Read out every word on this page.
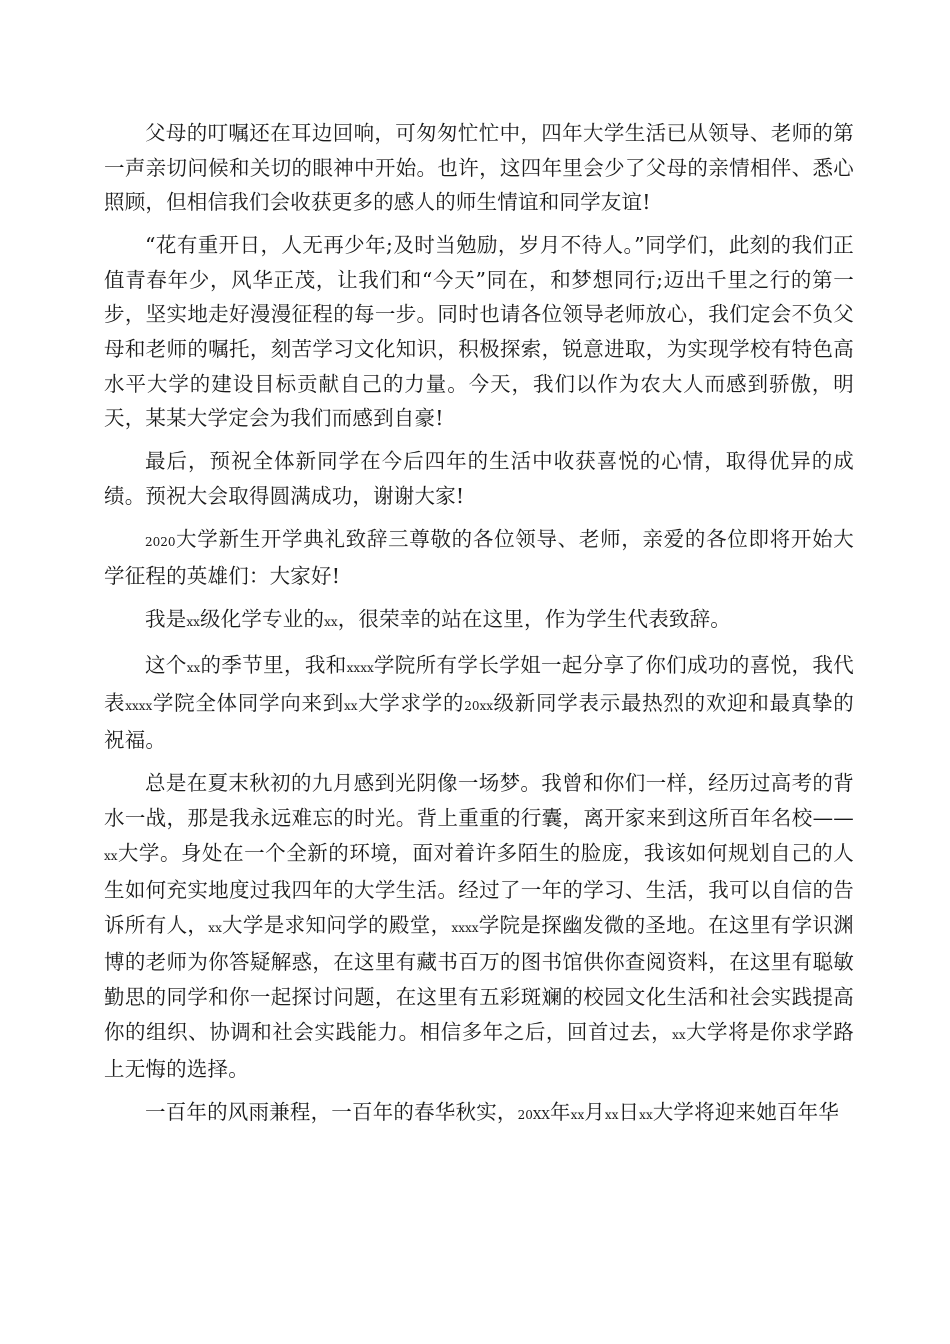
父母的叮嘱还在耳边回响，可匆匆忙忙中，四年大学生活已从领导、老师的第一声亲切问候和关切的眼神中开始。也许，这四年里会少了父母的亲情相伴、悉心照顾，但相信我们会收获更多的感人的师生情谊和同学友谊!

“花有重开日，人无再少年;及时当勉励，岁月不待人。”同学们，此刻的我们正值青春年少，风华正茂，让我们和“今天”同在，和梦想同行;迈出千里之行的第一步，坚实地走好漫漫征程的每一步。同时也请各位领导老师放心，我们定会不负父母和老师的嘱托，刻苦学习文化知识，积极探索，锐意进取，为实现学校有特色高水平大学的建设目标贡献自己的力量。今天，我们以作为农大人而感到骄傲，明天，某某大学定会为我们而感到自豪!

最后，预祝全体新同学在今后四年的生活中收获喜悦的心情，取得优异的成绩。预祝大会取得圆满成功，谢谢大家!

2020大学新生开学典礼致辞三尊敬的各位领导、老师，亲爱的各位即将开始大学征程的英雄们：大家好!

我是xx级化学专业的xx，很荣幸的站在这里，作为学生代表致辞。

这个xx的季节里，我和xxxx学院所有学长学姐一起分享了你们成功的喜悦，我代表xxxx学院全体同学向来到xx大学求学的20xx级新同学表示最热烈的欢迎和最真挚的祝福。

总是在夏末秋初的九月感到光阴像一场梦。我曾和你们一样，经历过高考的背水一战，那是我永远难忘的时光。背上重重的行囊，离开家来到这所百年名校——xx大学。身处在一个全新的环境，面对着许多陌生的脸庞，我该如何规划自己的人生如何充实地度过我四年的大学生活。经过了一年的学习、生活，我可以自信的告诉所有人，xx大学是求知问学的殿堂，xxxx学院是探幽发微的圣地。在这里有学识渊博的老师为你答疑解惑，在这里有藏书百万的图书馆供你查阅资料，在这里有聪敏勤思的同学和你一起探讨问题，在这里有五彩斑斓的校园文化生活和社会实践提高你的组织、协调和社会实践能力。相信多年之后，回首过去，xx大学将是你求学路上无悔的选择。

一百年的风雨兼程，一百年的春华秋实，20XX年xx月xx日xx大学将迎来她百年华
